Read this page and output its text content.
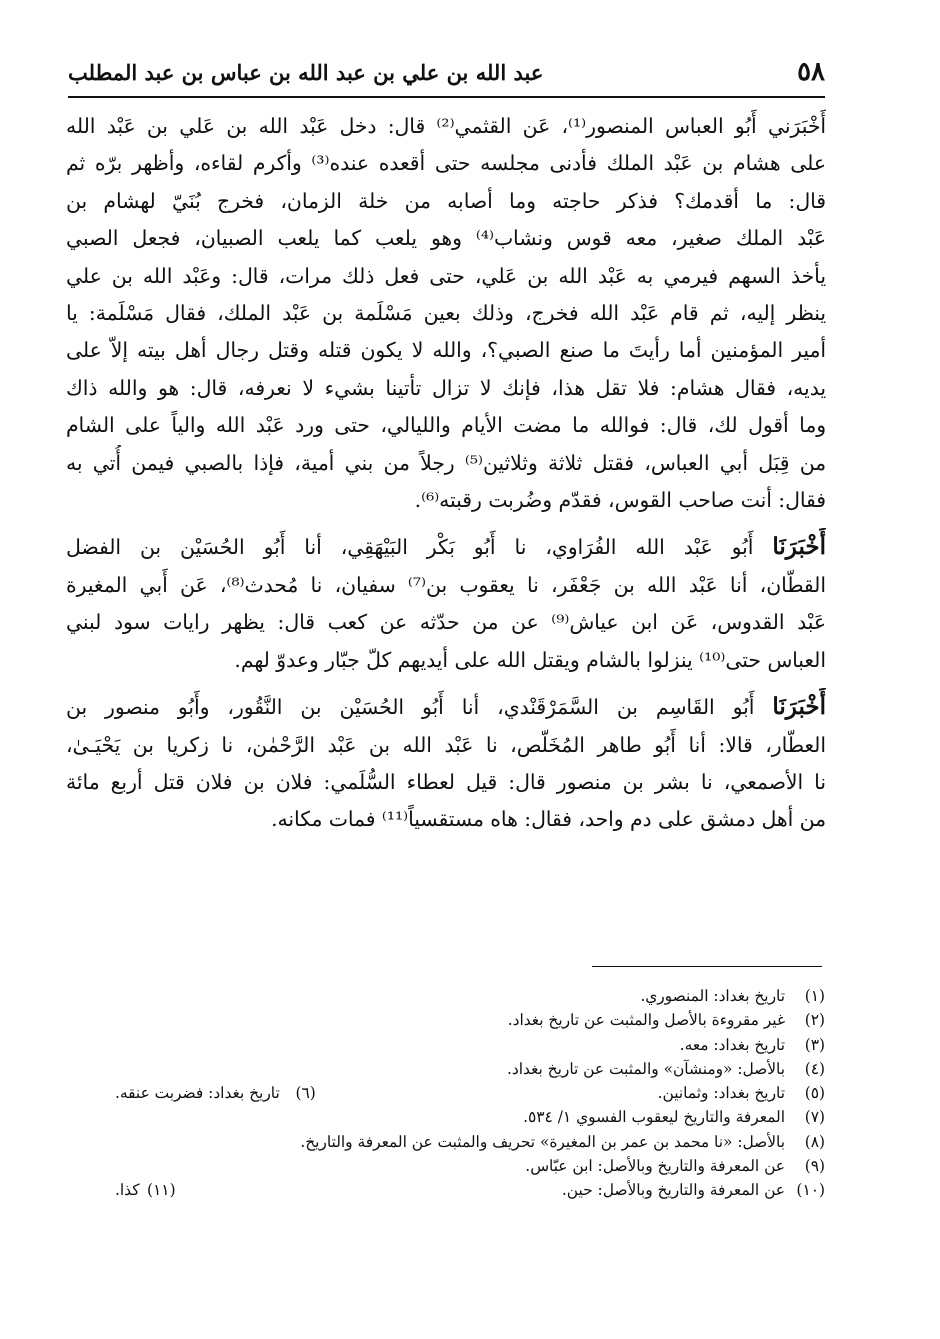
٥٨
عبد الله بن علي بن عبد الله بن عباس بن عبد المطلب

أَخْبَرَني أَبُو العباس المنصور⁽¹⁾، عَن القثمي⁽²⁾ قال: دخل عَبْد الله بن عَلي بن عَبْد الله
على هشام بن عَبْد الملك فأدنى مجلسه حتى أقعده عنده⁽³⁾ وأكرم لقاءه، وأظهر برّه ثم
قال: ما أقدمك؟ فذكر حاجته وما أصابه من خلة الزمان، فخرج بُنَيّ لهشام بن
عَبْد الملك صغير، معه قوس ونشاب⁽⁴⁾ وهو يلعب كما يلعب الصبيان، فجعل الصبي
يأخذ السهم فيرمي به عَبْد الله بن عَلي، حتى فعل ذلك مرات، قال: وعَبْد الله بن علي
ينظر إليه، ثم قام عَبْد الله فخرج، وذلك بعين مَسْلَمة بن عَبْد الملك، فقال مَسْلَمة: يا
أمير المؤمنين أما رأيتَ ما صنع الصبي؟، والله لا يكون قتله وقتل رجال أهل بيته إلاّ على
يديه، فقال هشام: فلا تقل هذا، فإنك لا تزال تأتينا بشيء لا نعرفه، قال: هو والله ذاك
وما أقول لك، قال: فوالله ما مضت الأيام والليالي، حتى ورد عَبْد الله والياً على الشام
من قِبَل أبي العباس، فقتل ثلاثة وثلاثين⁽⁵⁾ رجلاً من بني أمية، فإذا بالصبي فيمن أُتي به
فقال: أنت صاحب القوس، فقدّم وضُربت رقبته⁽⁶⁾.

أَخْبَرَنَا أَبُو عَبْد الله الفُرَاوي، نا أَبُو بَكْر البَيْهَقِي، أنا أَبُو الحُسَيْن بن الفضل
القطّان، أنا عَبْد الله بن جَعْفَر، نا يعقوب بن⁽⁷⁾ سفيان، نا مُحدث⁽⁸⁾، عَن أَبي المغيرة
عَبْد القدوس، عَن ابن عياش⁽⁹⁾ عن من حدّثه عن كعب قال: يظهر رايات سود لبني
العباس حتى⁽¹⁰⁾ ينزلوا بالشام ويقتل الله على أيديهم كلّ جبّار وعدوّ لهم.

أَخْبَرَنَا أَبُو القَاسِم بن السَّمَرْقَنْدي، أنا أَبُو الحُسَيْن بن النَّقُور، وأَبُو منصور بن
العطّار، قالا: أنا أَبُو طاهر المُخَلّص، نا عَبْد الله بن عَبْد الرَّحْمٰن، نا زكريا بن يَحْيَـىٰ،
نا الأصمعي، نا بشر بن منصور قال: قيل لعطاء السُّلَمي: فلان بن فلان قتل أربع مائة
من أهل دمشق على دم واحد، فقال: هاه مستقسياً⁽¹¹⁾ فمات مكانه.

(١)
تاريخ بغداد: المنصوري.
(٢)
غير مقروءة بالأصل والمثبت عن تاريخ بغداد.
(٣)
تاريخ بغداد: معه.
(٤)
بالأصل: «ومنشآن» والمثبت عن تاريخ بغداد.
(٥)
تاريخ بغداد: وثمانين.
(٦)
تاريخ بغداد: فضربت عنقه.
(٧)
المعرفة والتاريخ ليعقوب الفسوي ١/ ٥٣٤.
(٨)
بالأصل: «نا محمد بن عمر بن المغيرة» تحريف والمثبت عن المعرفة والتاريخ.
(٩)
عن المعرفة والتاريخ وبالأصل: ابن عبّاس.
(١٠)
عن المعرفة والتاريخ وبالأصل: حين.
(١١)
كذا.
